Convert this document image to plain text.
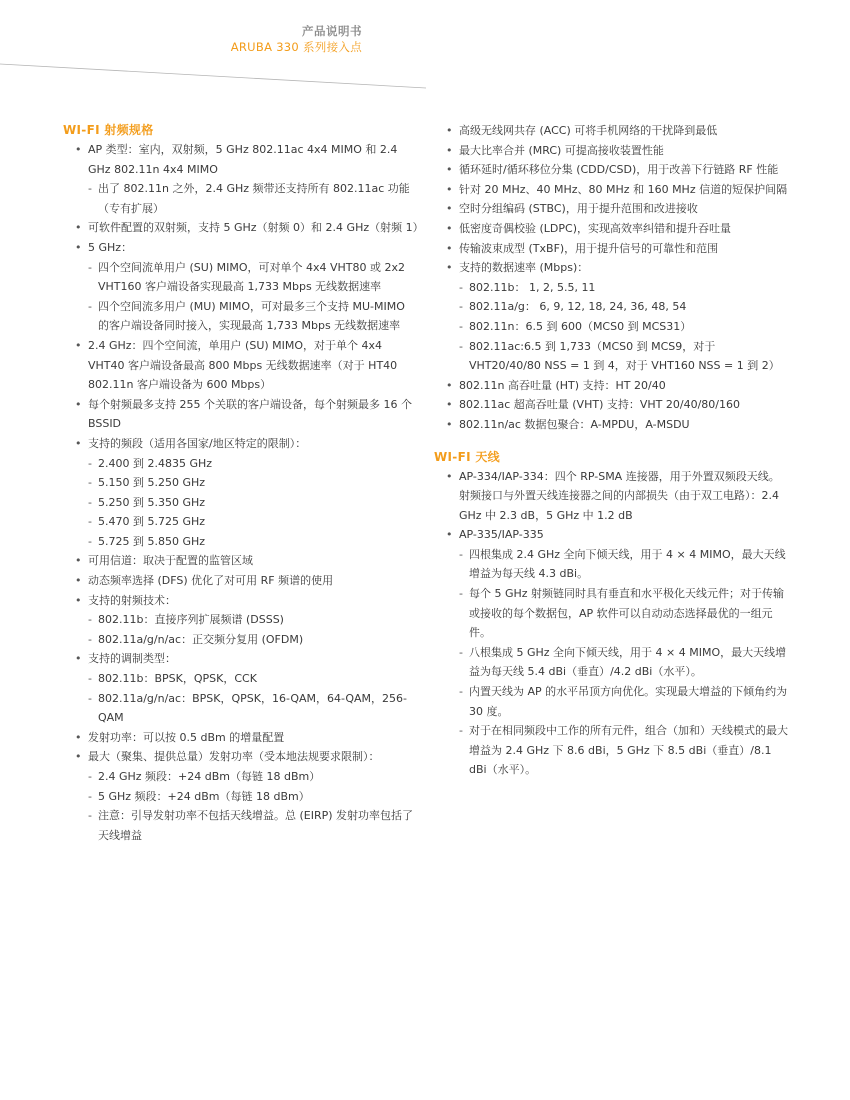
产品说明书
ARUBA 330 系列接入点
WI-FI 射频规格
• AP 类型：室内，双射频，5 GHz 802.11ac 4x4 MIMO 和 2.4 GHz 802.11n 4x4 MIMO
- 出了 802.11n 之外，2.4 GHz 频带还支持所有 802.11ac 功能（专有扩展）
• 可软件配置的双射频，支持 5 GHz（射频 0）和 2.4 GHz（射频 1）
• 5 GHz：
- 四个空间流单用户 (SU) MIMO，可对单个 4x4 VHT80 或 2x2 VHT160 客户端设备实现最高 1,733 Mbps 无线数据速率
- 四个空间流多用户 (MU) MIMO，可对最多三个支持 MU-MIMO 的客户端设备同时接入，实现最高 1,733 Mbps 无线数据速率
• 2.4 GHz：四个空间流，单用户 (SU) MIMO，对于单个 4x4 VHT40 客户端设备最高 800 Mbps 无线数据速率（对于 HT40 802.11n 客户端设备为 600 Mbps）
• 每个射频最多支持 255 个关联的客户端设备，每个射频最多 16 个 BSSID
• 支持的频段（适用各国家/地区特定的限制）：
- 2.400 到 2.4835 GHz
- 5.150 到 5.250 GHz
- 5.250 到 5.350 GHz
- 5.470 到 5.725 GHz
- 5.725 到 5.850 GHz
• 可用信道：取决于配置的监管区域
• 动态频率选择 (DFS) 优化了对可用 RF 频谱的使用
• 支持的射频技术：
- 802.11b：直接序列扩展频谱 (DSSS)
- 802.11a/g/n/ac：正交频分复用 (OFDM)
• 支持的调制类型：
- 802.11b：BPSK，QPSK，CCK
- 802.11a/g/n/ac：BPSK，QPSK，16-QAM，64-QAM，256-QAM
• 发射功率：可以按 0.5 dBm 的增量配置
• 最大（聚集、提供总量）发射功率（受本地法规要求限制）：
- 2.4 GHz 频段：+24 dBm（每链 18 dBm）
- 5 GHz 频段：+24 dBm（每链 18 dBm）
- 注意：引导发射功率不包括天线增益。总 (EIRP) 发射功率包括了天线增益
• 高级无线网共存 (ACC) 可将手机网络的干扰降到最低
• 最大比率合并 (MRC) 可提高接收装置性能
• 循环延时/循环移位分集 (CDD/CSD)，用于改善下行链路 RF 性能
• 针对 20 MHz、40 MHz、80 MHz 和 160 MHz 信道的短保护间隔
• 空时分组编码 (STBC)，用于提升范围和改进接收
• 低密度奇偶校验 (LDPC)，实现高效率纠错和提升吞吐量
• 传输波束成型 (TxBF)，用于提升信号的可靠性和范围
• 支持的数据速率 (Mbps)：
- 802.11b： 1, 2, 5.5, 11
- 802.11a/g： 6, 9, 12, 18, 24, 36, 48, 54
- 802.11n：6.5 到 600（MCS0 到 MCS31）
- 802.11ac:6.5 到 1,733（MCS0 到 MCS9，对于 VHT20/40/80 NSS = 1 到 4，对于 VHT160 NSS = 1 到 2）
• 802.11n 高吞吐量 (HT) 支持：HT 20/40
• 802.11ac 超高吞吐量 (VHT) 支持：VHT 20/40/80/160
• 802.11n/ac 数据包聚合：A-MPDU，A-MSDU
WI-FI 天线
• AP-334/IAP-334：四个 RP-SMA 连接器，用于外置双频段天线。射频接口与外置天线连接器之间的内部损失（由于双工电路）：2.4 GHz 中 2.3 dB，5 GHz 中 1.2 dB
• AP-335/IAP-335
- 四根集成 2.4 GHz 全向下倾天线，用于 4 × 4 MIMO，最大天线增益为每天线 4.3 dBi。
- 每个 5 GHz 射频链同时具有垂直和水平极化天线元件；对于传输或接收的每个数据包，AP 软件可以自动动态选择最优的一组元件。
- 八根集成 5 GHz 全向下倾天线，用于 4 × 4 MIMO，最大天线增益为每天线 5.4 dBi（垂直）/4.2 dBi（水平）。
- 内置天线为 AP 的水平吊顶方向优化。实现最大增益的下倾角约为 30 度。
- 对于在相同频段中工作的所有元件，组合（加和）天线模式的最大增益为 2.4 GHz 下 8.6 dBi，5 GHz 下 8.5 dBi（垂直）/8.1 dBi（水平）。
